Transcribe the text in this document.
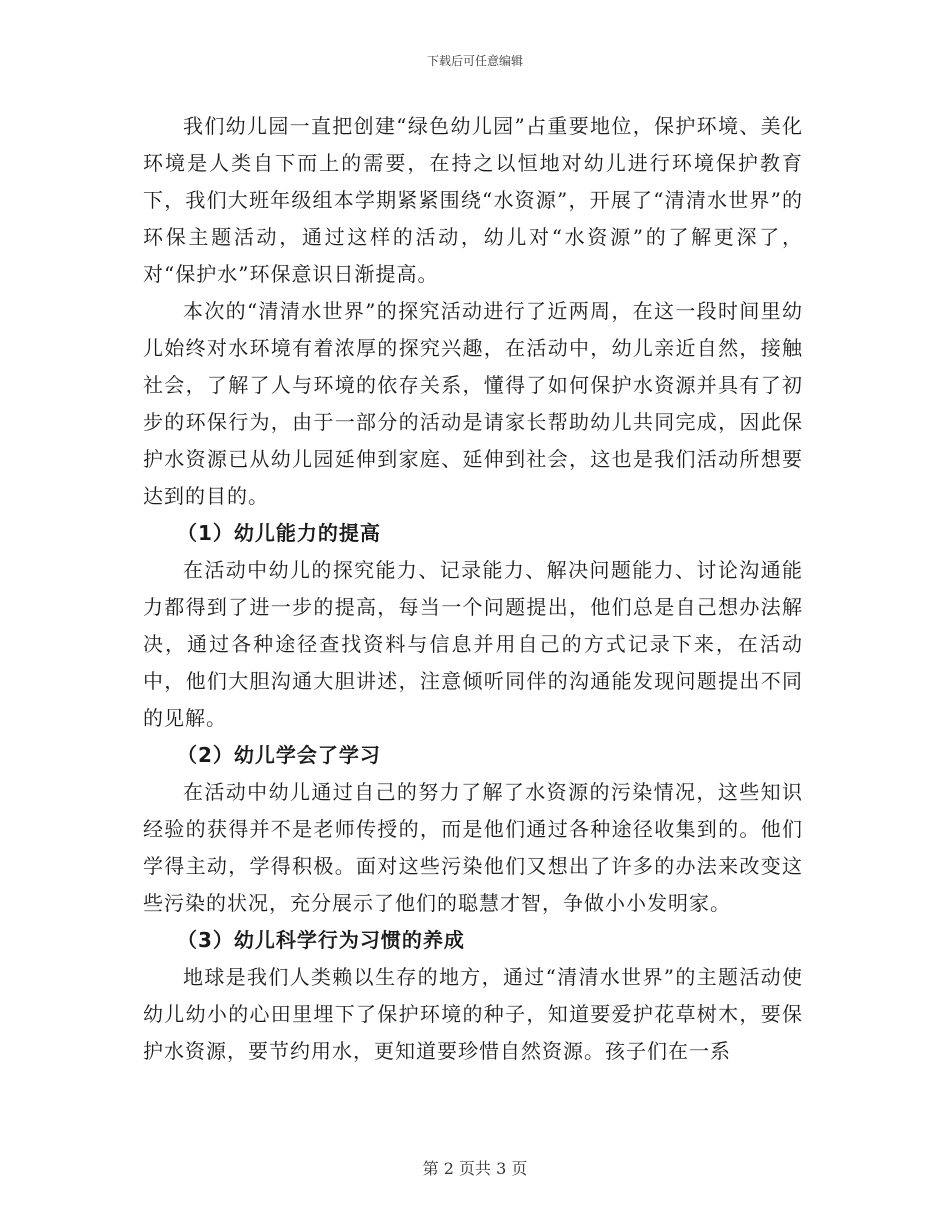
下载后可任意编辑

我们幼儿园一直把创建“绿色幼儿园”占重要地位，保护环境、美化环境是人类自下而上的需要，在持之以恒地对幼儿进行环境保护教育下，我们大班年级组本学期紧紧围绕“水资源”，开展了“清清水世界”的环保主题活动，通过这样的活动，幼儿对“水资源”的了解更深了，对“保护水”环保意识日渐提高。

本次的“清清水世界”的探究活动进行了近两周，在这一段时间里幼儿始终对水环境有着浓厚的探究兴趣，在活动中，幼儿亲近自然，接触社会，了解了人与环境的依存关系，懂得了如何保护水资源并具有了初步的环保行为，由于一部分的活动是请家长帮助幼儿共同完成，因此保护水资源已从幼儿园延伸到家庭、延伸到社会，这也是我们活动所想要达到的目的。

（1）幼儿能力的提高

在活动中幼儿的探究能力、记录能力、解决问题能力、讨论沟通能力都得到了进一步的提高，每当一个问题提出，他们总是自己想办法解决，通过各种途径查找资料与信息并用自己的方式记录下来，在活动中，他们大胆沟通大胆讲述，注意倾听同伴的沟通能发现问题提出不同的见解。

（2）幼儿学会了学习

在活动中幼儿通过自己的努力了解了水资源的污染情况，这些知识经验的获得并不是老师传授的，而是他们通过各种途径收集到的。他们学得主动，学得积极。面对这些污染他们又想出了许多的办法来改变这些污染的状况，充分展示了他们的聪慧才智，争做小小发明家。

（3）幼儿科学行为习惯的养成

地球是我们人类赖以生存的地方，通过“清清水世界”的主题活动使幼儿幼小的心田里埋下了保护环境的种子，知道要爱护花草树木，要保护水资源，要节约用水，更知道要珍惜自然资源。孩子们在一系

第 2 页共 3 页
